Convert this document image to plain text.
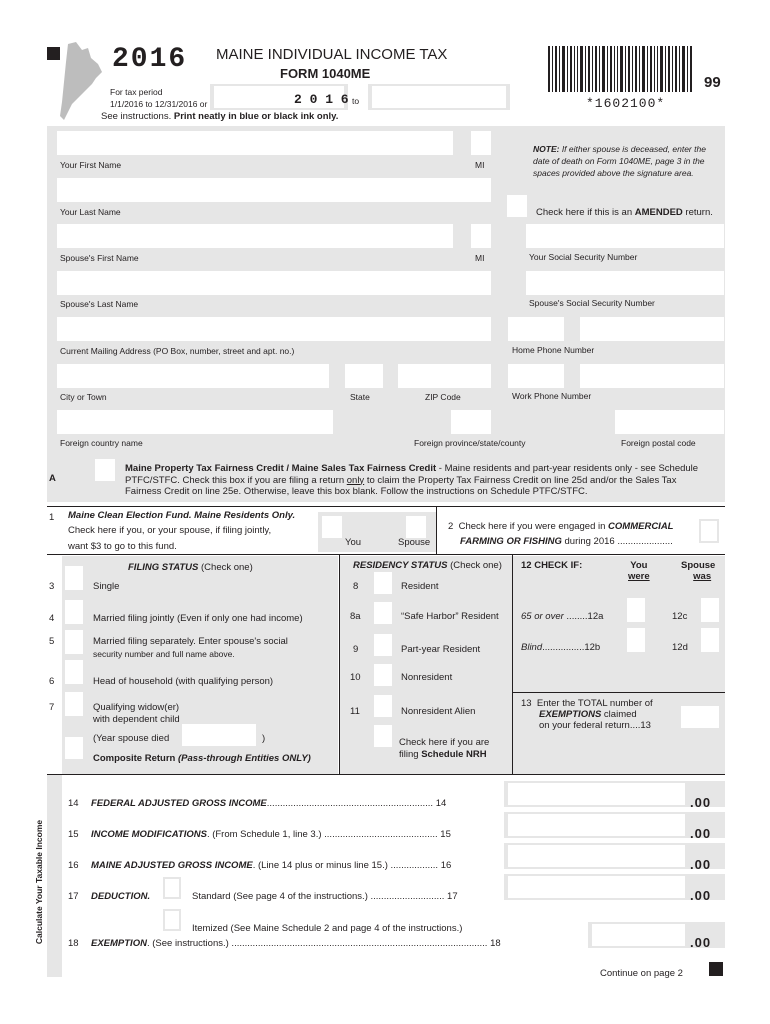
2016 MAINE INDIVIDUAL INCOME TAX
FORM 1040ME
99
*1602100*
For tax period
1/1/2016 to 12/31/2016 or	2 0 1 6 to
See instructions. Print neatly in blue or black ink only.
Your First Name	MI
NOTE: If either spouse is deceased, enter the
date of death on Form 1040ME, page 3 in the
spaces provided above the signature area.
Your Last Name	Check here if this is an AMENDED return.
Spouse's First Name	MI	Your Social Security Number
Spouse's Last Name	Spouse's Social Security Number
Current Mailing Address (PO Box, number, street and apt. no.)	Home Phone Number
City or Town	State	ZIP Code	Work Phone Number
Foreign country name	Foreign province/state/county	Foreign postal code
A
Maine Property Tax Fairness Credit / Maine Sales Tax Fairness Credit - Maine residents and part-year residents only - see Schedule
PTFC/STFC. Check this box if you are filing a return only to claim the Property Tax Fairness Credit on line 25d and/or the Sales Tax
Fairness Credit on line 25e. Otherwise, leave this box blank. Follow the instructions on Schedule PTFC/STFC.
1 Maine Clean Election Fund. Maine Residents Only.
Check here if you, or your spouse, if filing jointly,
want $3 to go to this fund.	You	Spouse
2 Check here if you were engaged in COMMERCIAL
FARMING OR FISHING during 2016 .....................
FILING STATUS (Check one)
3	Single
4	Married filing jointly (Even if only one had income)
5	Married filing separately. Enter spouse's social
security number and full name above.
6	Head of household (with qualifying person)
7	Qualifying widow(er)
with dependent child
(Year spouse died	)
Composite Return (Pass-through Entities ONLY)
RESIDENCY STATUS (Check one)
8	Resident
8a	“Safe Harbor” Resident
9	Part-year Resident
10	Nonresident
11	Nonresident Alien
Check here if you are
filing Schedule NRH
12 CHECK IF:	You
were
Spouse
was
65 or over ........12a	12c
Blind................12b	12d
13 Enter the TOTAL number of
EXEMPTIONS claimed
on your federal return....13
Calculate Your Taxable Income
14 FEDERAL ADJUSTED GROSS INCOME............................................................... 14	.00
15 INCOME MODIFICATIONS. (From Schedule 1, line 3.) ........................................... 15	.00
16 MAINE ADJUSTED GROSS INCOME. (Line 14 plus or minus line 15.) .................. 16	.00
17 DEDUCTION.	Standard (See page 4 of the instructions.) ............................ 17	.00
Itemized (See Maine Schedule 2 and page 4 of the instructions.)
18 EXEMPTION. (See instructions.) ................................................................................................. 18	.00
Continue on page 2
